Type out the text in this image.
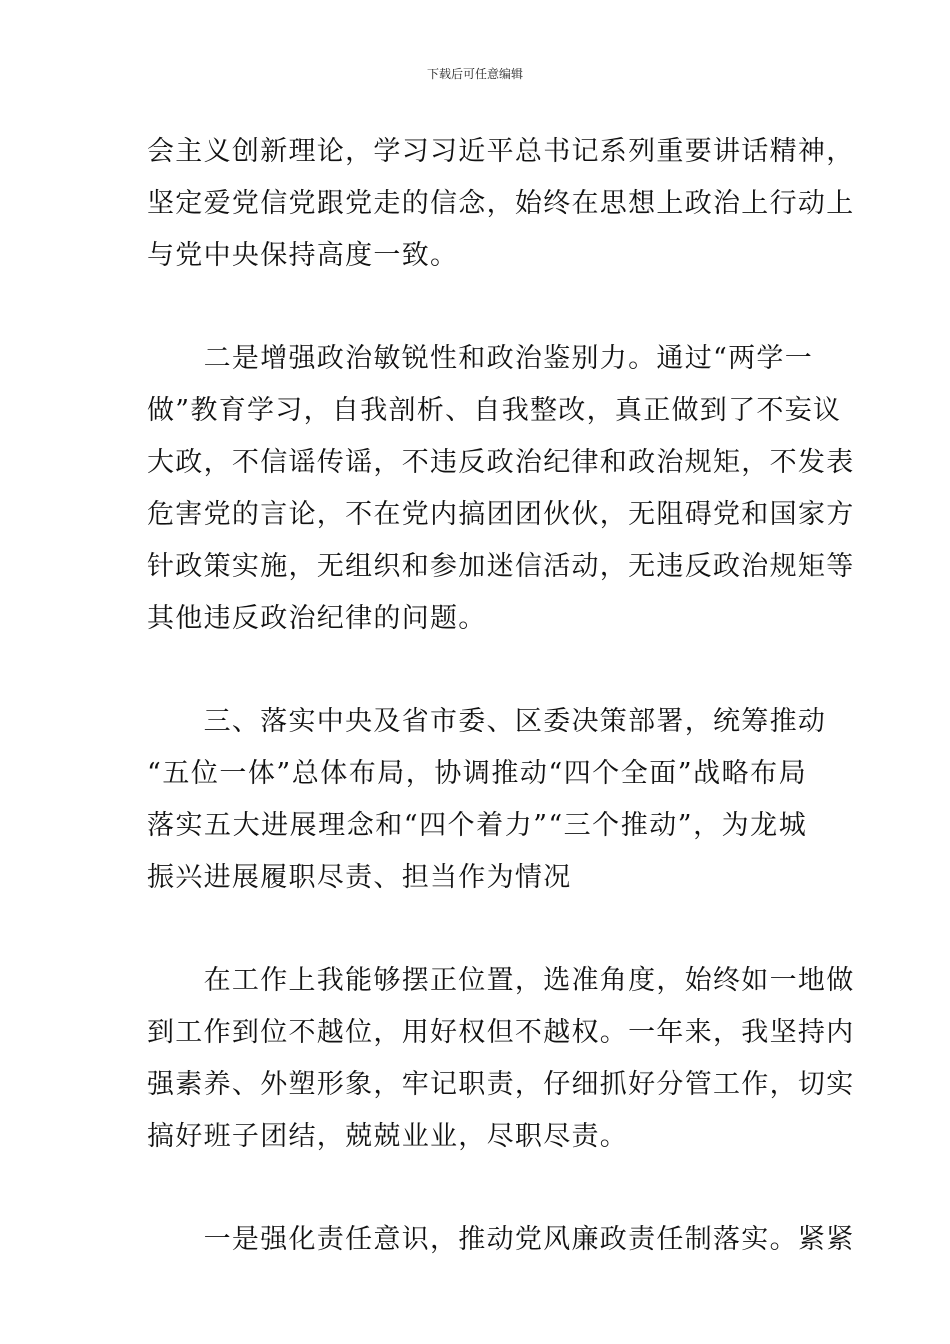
下载后可任意编辑
会主义创新理论，学习习近平总书记系列重要讲话精神，
坚定爱党信党跟党走的信念，始终在思想上政治上行动上
与党中央保持高度一致。
　　二是增强政治敏锐性和政治鉴别力。通过“两学一
做”教育学习，自我剖析、自我整改，真正做到了不妄议
大政，不信谣传谣，不违反政治纪律和政治规矩，不发表
危害党的言论，不在党内搞团团伙伙，无阻碍党和国家方
针政策实施，无组织和参加迷信活动，无违反政治规矩等
其他违反政治纪律的问题。
　　三、落实中央及省市委、区委决策部署，统筹推动
“五位一体”总体布局，协调推动“四个全面”战略布局
落实五大进展理念和“四个着力”“三个推动”，为龙城
振兴进展履职尽责、担当作为情况
　　在工作上我能够摆正位置，选准角度，始终如一地做
到工作到位不越位，用好权但不越权。一年来，我坚持内
强素养、外塑形象，牢记职责，仔细抓好分管工作，切实
搞好班子团结，兢兢业业，尽职尽责。
　　一是强化责任意识，推动党风廉政责任制落实。紧紧
